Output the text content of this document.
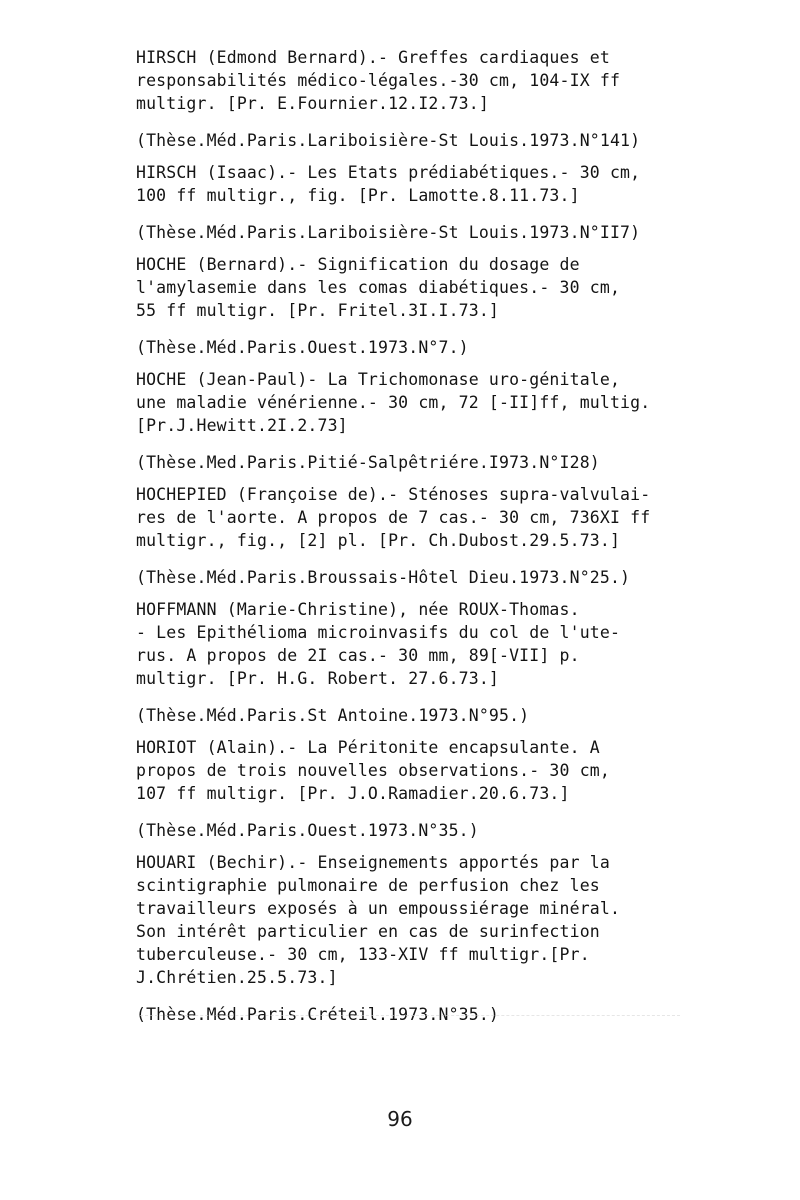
HIRSCH (Edmond Bernard).- Greffes cardiaques et
responsabilités médico-légales.-30 cm, 104-IX ff
multigr. [Pr. E.Fournier.12.I2.73.]
(Thèse.Méd.Paris.Lariboisière-St Louis.1973.N°141)
HIRSCH (Isaac).- Les Etats prédiabétiques.- 30 cm,
100 ff multigr., fig. [Pr. Lamotte.8.11.73.]
(Thèse.Méd.Paris.Lariboisière-St Louis.1973.N°II7)
HOCHE (Bernard).- Signification du dosage de
l'amylasemie dans les comas diabétiques.- 30 cm,
55 ff multigr. [Pr. Fritel.3I.I.73.]
(Thèse.Méd.Paris.Ouest.1973.N°7.)
HOCHE (Jean-Paul)- La Trichomonase uro-génitale,
une maladie vénérienne.- 30 cm, 72 [-II]ff, multig.
[Pr.J.Hewitt.2I.2.73]
(Thèse.Med.Paris.Pitié-Salpêtriére.I973.N°I28)
HOCHEPIED (Françoise de).- Sténoses supra-valvulai-
res de l'aorte. A propos de 7 cas.- 30 cm, 736XI ff
multigr., fig., [2] pl. [Pr. Ch.Dubost.29.5.73.]
(Thèse.Méd.Paris.Broussais-Hôtel Dieu.1973.N°25.)
HOFFMANN (Marie-Christine), née ROUX-Thomas.
- Les Epithélioma microinvasifs du col de l'ute-
rus. A propos de 2I cas.- 30 mm, 89[-VII] p.
multigr. [Pr. H.G. Robert. 27.6.73.]
(Thèse.Méd.Paris.St Antoine.1973.N°95.)
HORIOT (Alain).- La Péritonite encapsulante. A
propos de trois nouvelles observations.- 30 cm,
107 ff multigr. [Pr. J.O.Ramadier.20.6.73.]
(Thèse.Méd.Paris.Ouest.1973.N°35.)
HOUARI (Bechir).- Enseignements apportés par la
scintigraphie pulmonaire de perfusion chez les
travailleurs exposés à un empoussiérage minéral.
Son intérêt particulier en cas de surinfection
tuberculeuse.- 30 cm, 133-XIV ff multigr.[Pr.
J.Chrétien.25.5.73.]
(Thèse.Méd.Paris.Créteil.1973.N°35.)
96
